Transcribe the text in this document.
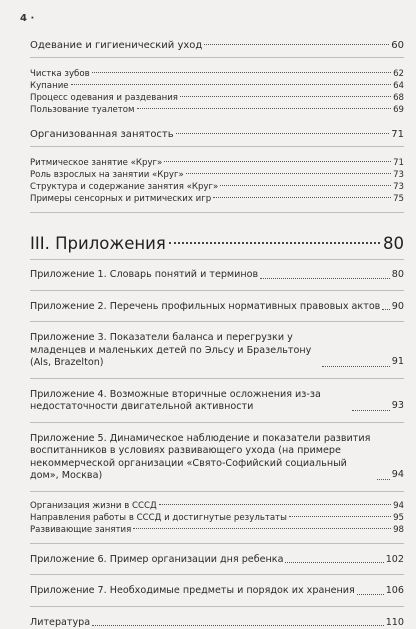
4 ·
Одевание и гигиенический уход	60
Чистка зубов	62
Купание	64
Процесс одевания и раздевания	68
Пользование туалетом	69
Организованная занятость	71
Ритмическое занятие «Круг»	71
Роль взрослых на занятии «Круг»	73
Структура и содержание занятия «Круг»	73
Примеры сенсорных и ритмических игр	75
III. Приложения	80
Приложение 1. Словарь понятий и терминов	80
Приложение 2. Перечень профильных нормативных правовых актов 90
Приложение 3. Показатели баланса и перегрузки у младенцев и маленьких детей по Эльсу и Бразельтону (Als, Brazelton)	91
Приложение 4. Возможные вторичные осложнения из-за недостаточности двигательной активности	93
Приложение 5. Динамическое наблюдение и показатели развития воспитанников в условиях развивающего ухода (на примере некоммерческой организации «Свято-Софийский социальный дом», Москва)	94
Организация жизни в СССД	94
Направления работы в СССД и достигнутые результаты	95
Развивающие занятия	98
Приложение 6. Пример организации дня ребенка	102
Приложение 7. Необходимые предметы и порядок их хранения	106
Литература	110
